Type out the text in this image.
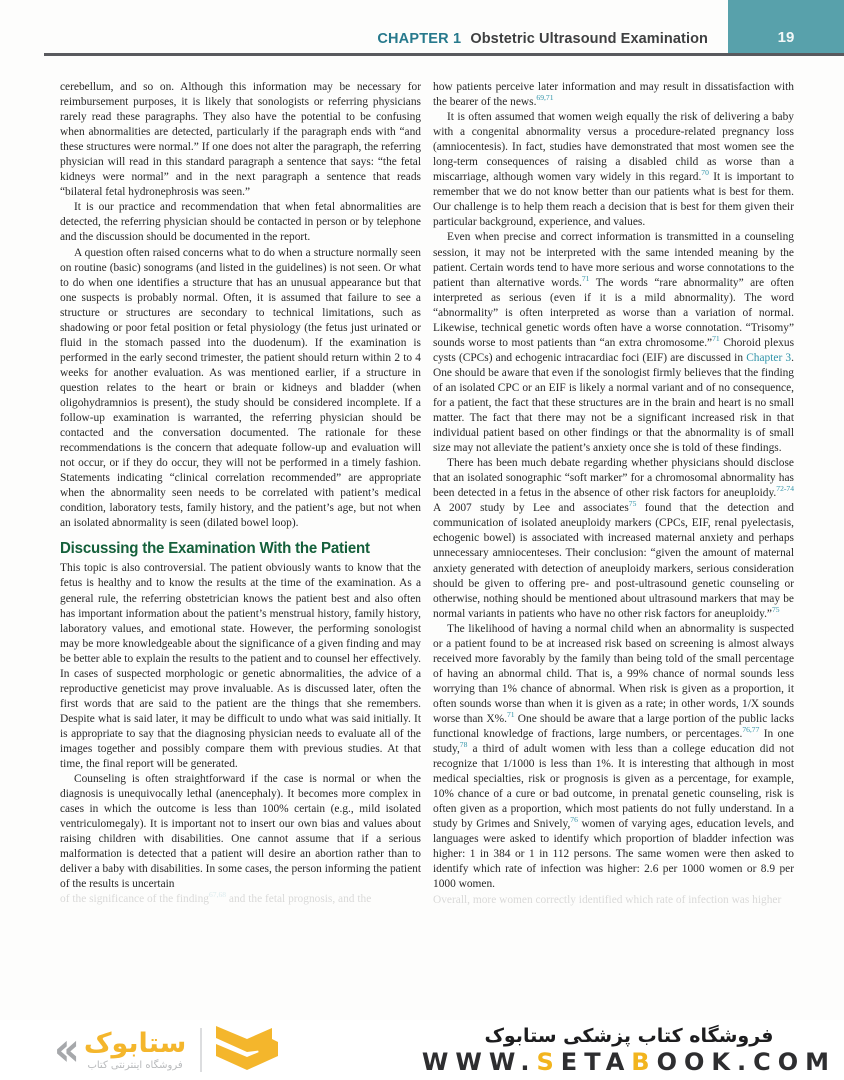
CHAPTER 1 Obstetric Ultrasound Examination	19

cerebellum, and so on. Although this information may be necessary for reimbursement purposes, it is likely that sonologists or referring physicians rarely read these paragraphs. They also have the potential to be confusing when abnormalities are detected, particularly if the paragraph ends with “and these structures were normal.” If one does not alter the paragraph, the referring physician will read in this standard paragraph a sentence that says: “the fetal kidneys were normal” and in the next paragraph a sentence that reads “bilateral fetal hydronephrosis was seen.”

It is our practice and recommendation that when fetal abnormalities are detected, the referring physician should be contacted in person or by telephone and the discussion should be documented in the report.

A question often raised concerns what to do when a structure normally seen on routine (basic) sonograms (and listed in the guidelines) is not seen. Or what to do when one identifies a structure that has an unusual appearance but that one suspects is probably normal. Often, it is assumed that failure to see a structure or structures are secondary to technical limitations, such as shadowing or poor fetal position or fetal physiology (the fetus just urinated or fluid in the stomach passed into the duodenum). If the examination is performed in the early second trimester, the patient should return within 2 to 4 weeks for another evaluation. As was mentioned earlier, if a structure in question relates to the heart or brain or kidneys and bladder (when oligohydramnios is present), the study should be considered incomplete. If a follow-up examination is warranted, the referring physician should be contacted and the conversation documented. The rationale for these recommendations is the concern that adequate follow-up and evaluation will not occur, or if they do occur, they will not be performed in a timely fashion. Statements indicating “clinical correlation recommended” are appropriate when the abnormality seen needs to be correlated with patient’s medical condition, laboratory tests, family history, and the patient’s age, but not when an isolated abnormality is seen (dilated bowel loop).

Discussing the Examination With the Patient

This topic is also controversial. The patient obviously wants to know that the fetus is healthy and to know the results at the time of the examination. As a general rule, the referring obstetrician knows the patient best and also often has important information about the patient’s menstrual history, family history, laboratory values, and emotional state. However, the performing sonologist may be more knowledgeable about the significance of a given finding and may be better able to explain the results to the patient and to counsel her effectively. In cases of suspected morphologic or genetic abnormalities, the advice of a reproductive geneticist may prove invaluable. As is discussed later, often the first words that are said to the patient are the things that she remembers. Despite what is said later, it may be difficult to undo what was said initially. It is appropriate to say that the diagnosing physician needs to evaluate all of the images together and possibly compare them with previous studies. At that time, the final report will be generated.

Counseling is often straightforward if the case is normal or when the diagnosis is unequivocally lethal (anencephaly). It becomes more complex in cases in which the outcome is less than 100% certain (e.g., mild isolated ventriculomegaly). It is important not to insert our own bias and values about raising children with disabilities. One cannot assume that if a serious malformation is detected that a patient will desire an abortion rather than to deliver a baby with disabilities. In some cases, the person informing the patient of the results is uncertain

of the significance of the finding$^{67,68}$ and the fetal prognosis, and the

how patients perceive later information and may result in dissatisfaction with the bearer of the news.$^{69,71}$

It is often assumed that women weigh equally the risk of delivering a baby with a congenital abnormality versus a procedure-related pregnancy loss (amniocentesis). In fact, studies have demonstrated that most women see the long-term consequences of raising a disabled child as worse than a miscarriage, although women vary widely in this regard.$^{70}$ It is important to remember that we do not know better than our patients what is best for them. Our challenge is to help them reach a decision that is best for them given their particular background, experience, and values.

Even when precise and correct information is transmitted in a counseling session, it may not be interpreted with the same intended meaning by the patient. Certain words tend to have more serious and worse connotations to the patient than alternative words.$^{71}$ The words “rare abnormality” are often interpreted as serious (even if it is a mild abnormality). The word “abnormality” is often interpreted as worse than a variation of normal. Likewise, technical genetic words often have a worse connotation. “Trisomy” sounds worse to most patients than “an extra chromosome.”$^{71}$ Choroid plexus cysts (CPCs) and echogenic intracardiac foci (EIF) are discussed in Chapter 3. One should be aware that even if the sonologist firmly believes that the finding of an isolated CPC or an EIF is likely a normal variant and of no consequence, for a patient, the fact that these structures are in the brain and heart is no small matter. The fact that there may not be a significant increased risk in that individual patient based on other findings or that the abnormality is of small size may not alleviate the patient’s anxiety once she is told of these findings.

There has been much debate regarding whether physicians should disclose that an isolated sonographic “soft marker” for a chromosomal abnormality has been detected in a fetus in the absence of other risk factors for aneuploidy.$^{72-74}$ A 2007 study by Lee and associates$^{75}$ found that the detection and communication of isolated aneuploidy markers (CPCs, EIF, renal pyelectasis, echogenic bowel) is associated with increased maternal anxiety and perhaps unnecessary amniocenteses. Their conclusion: “given the amount of maternal anxiety generated with detection of aneuploidy markers, serious consideration should be given to offering pre- and post-ultrasound genetic counseling or otherwise, nothing should be mentioned about ultrasound markers that may be normal variants in patients who have no other risk factors for aneuploidy.”$^{75}$

The likelihood of having a normal child when an abnormality is suspected or a patient found to be at increased risk based on screening is almost always received more favorably by the family than being told of the small percentage of having an abnormal child. That is, a 99% chance of normal sounds less worrying than 1% chance of abnormal. When risk is given as a proportion, it often sounds worse than when it is given as a rate; in other words, 1/X sounds worse than X%.$^{71}$ One should be aware that a large portion of the public lacks functional knowledge of fractions, large numbers, or percentages.$^{76,77}$ In one study,$^{78}$ a third of adult women with less than a college education did not recognize that 1/1000 is less than 1%. It is interesting that although in most medical specialties, risk or prognosis is given as a percentage, for example, 10% chance of a cure or bad outcome, in prenatal genetic counseling, risk is often given as a proportion, which most patients do not fully understand. In a study by Grimes and Snively,$^{76}$ women of varying ages, education levels, and languages were asked to identify which proportion of bladder infection was higher: 1 in 384 or 1 in 112 persons. The same women were then asked to identify which rate of infection was higher: 2.6 per 1000 women or 8.9 per 1000 women.

Overall, more women correctly identified which rate of infection was higher

« ستابوک
فروشگاه اینترنتی کتاب
فروشگاه کتاب پزشکی ستابوک
WWW.SETABOOK.COM
